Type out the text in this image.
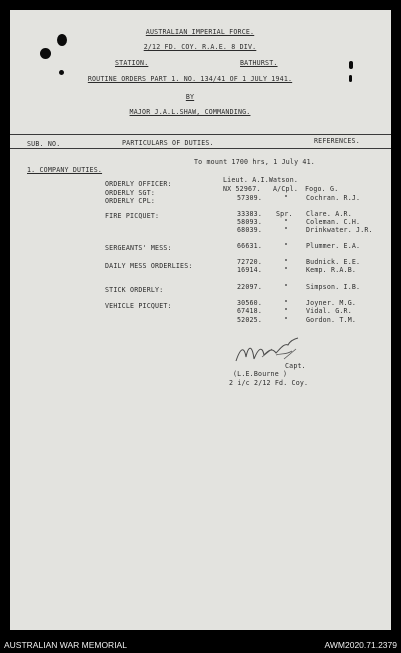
AUSTRALIAN IMPERIAL FORCE.
2/12 FD. COY. R.A.E. 8 DIV.
STATION.	BATHURST.
ROUTINE ORDERS PART 1. NO. 134/41 OF 1 JULY 1941.
BY
MAJOR J.A.L.SHAW, COMMANDING.
SUB. NO.	PARTICULARS OF DUTIES.	REFERENCES.
To mount 1700 hrs, 1 July 41.
1. COMPANY DUTIES.
ORDERLY OFFICER:	Lieut. A.I.Watson.
ORDERLY SGT:	NX 52967. A/Cpl. Fogo. G.
ORDERLY CPL:	57309.	"	Cochran. R.J.
FIRE PICQUET:	33383. Spr. Clare. A.R.
58093.	"	Coleman. C.H.
68039.	"	Drinkwater. J.R.
SERGEANTS' MESS:	66631.	"	Plummer. E.A.
DAILY MESS ORDERLIES:	72720.	"	Budnick. E.E.
16914.	"	Kemp. R.A.B.
STICK ORDERLY:	22097.	"	Simpson. I.B.
VEHICLE PICQUET:	30560.	"	Joyner. M.G.
67418.	"	Vidal. G.R.
52025.	"	Gordon. T.M.
Capt.
(L.E.Bourne )
2 i/c 2/12 Fd. Coy.
AUSTRALIAN WAR MEMORIAL	AWM2020.71.2379
